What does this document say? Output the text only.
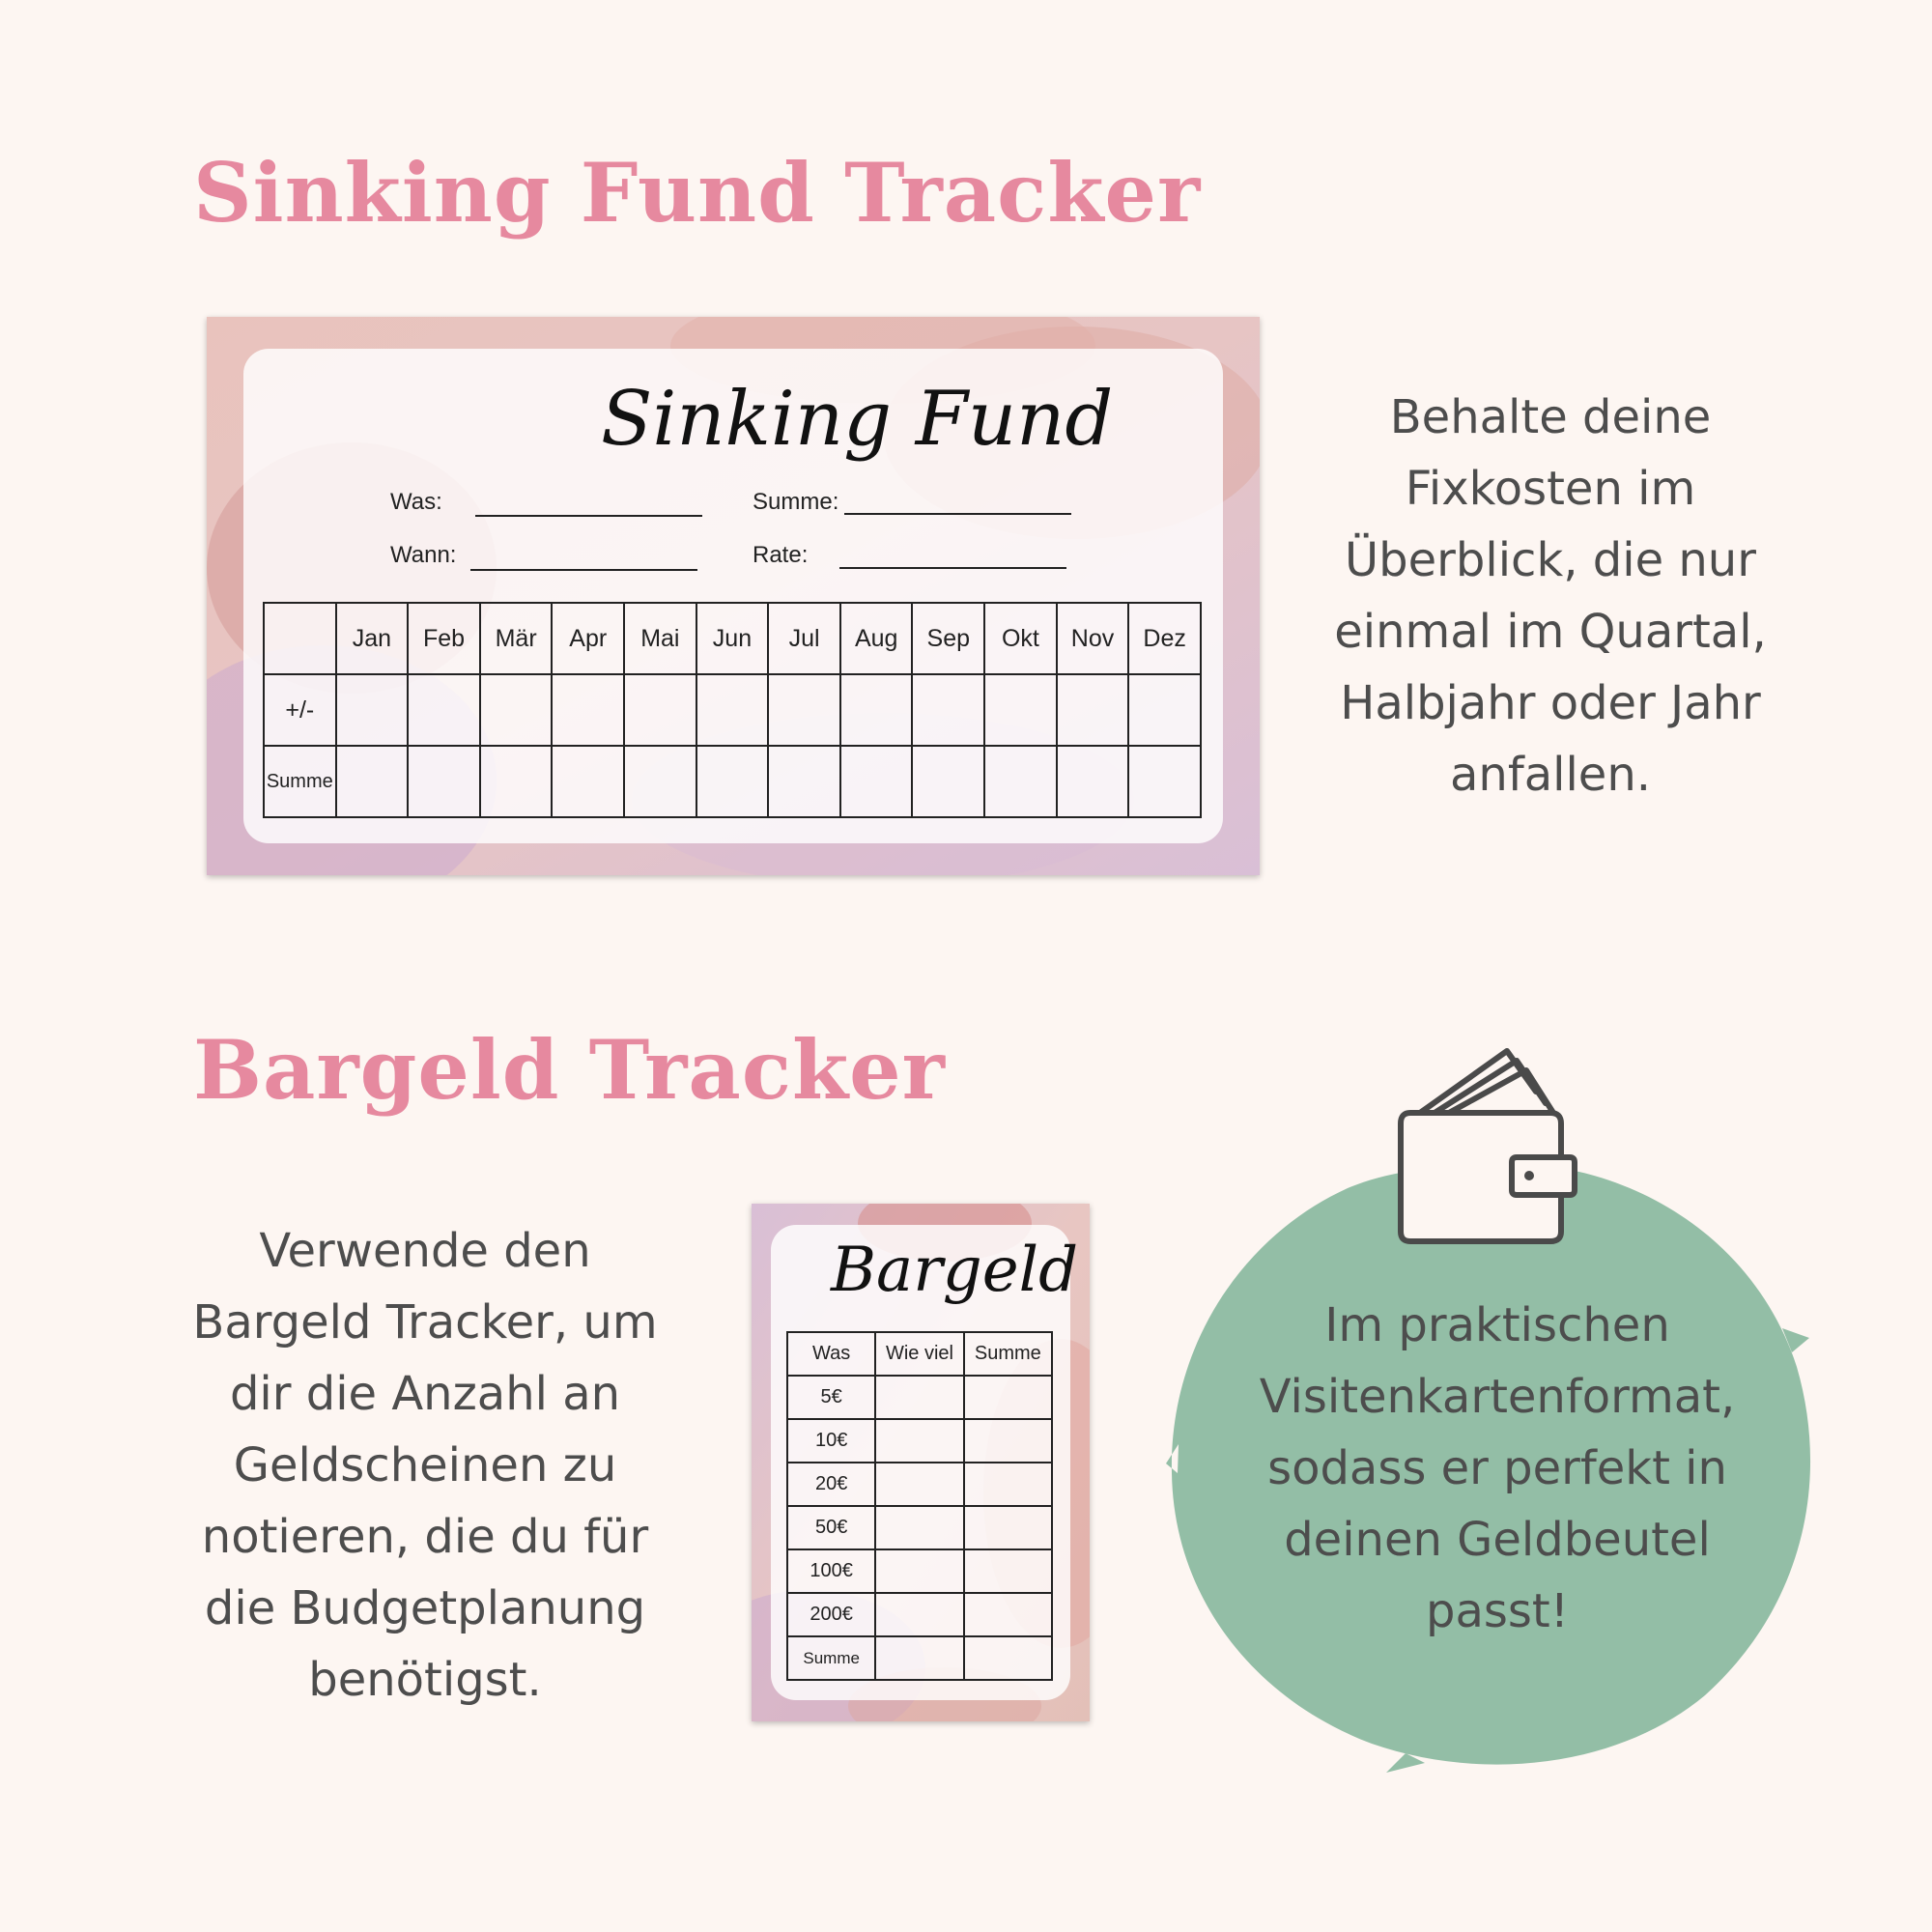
Sinking Fund Tracker
Sinking Fund
Was:	Summe:
Wann:	Rate:
	Jan	Feb	Mär	Apr	Mai	Jun	Jul	Aug	Sep	Okt	Nov	Dez
+/-												
Summe												

Behalte deine Fixkosten im Überblick, die nur einmal im Quartal, Halbjahr oder Jahr anfallen.

Bargeld Tracker

Verwende den Bargeld Tracker, um dir die Anzahl an Geldscheinen zu notieren, die du für die Budgetplanung benötigst.

Bargeld
Was	Wie viel	Summe
5€		
10€		
20€		
50€		
100€		
200€		
Summe		

Im praktischen Visitenkartenformat, sodass er perfekt in deinen Geldbeutel passt!
